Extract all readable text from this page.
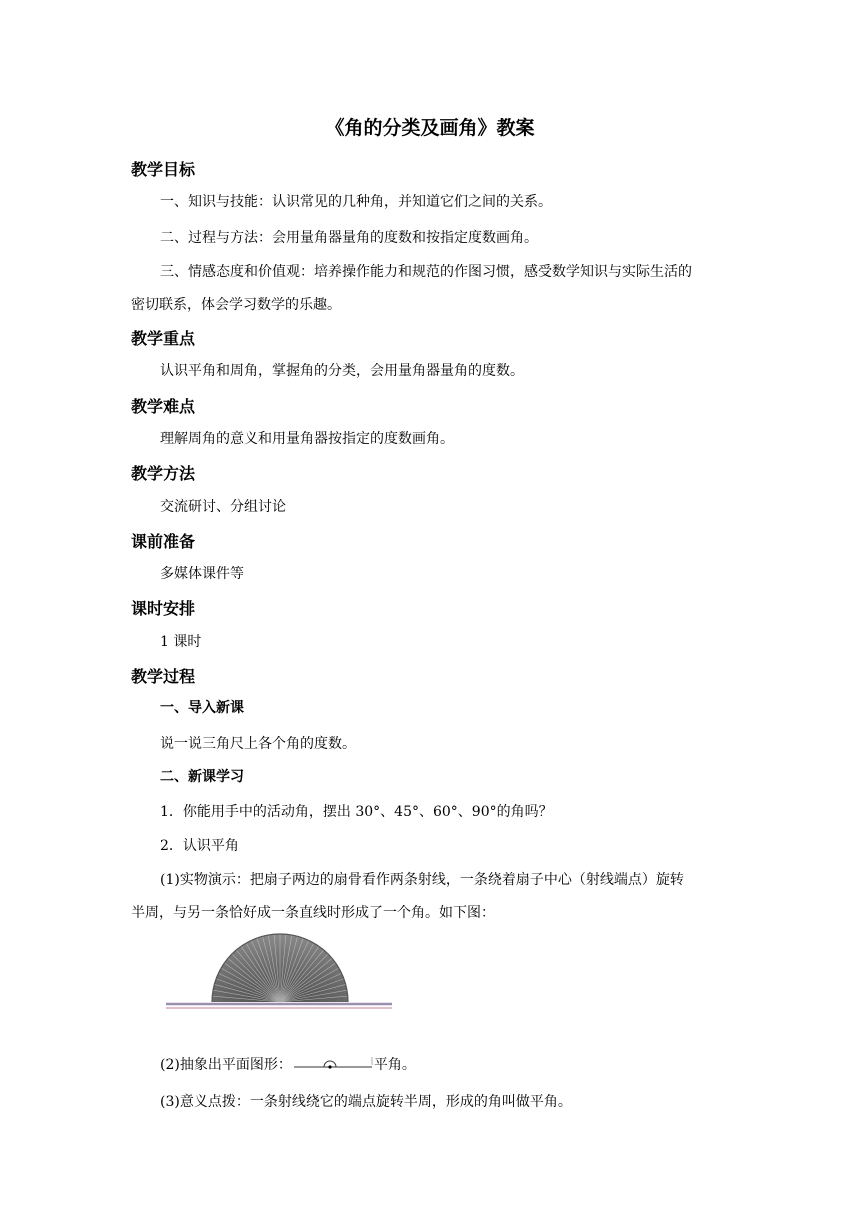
《角的分类及画角》教案
教学目标
一、知识与技能：认识常见的几种角，并知道它们之间的关系。
二、过程与方法：会用量角器量角的度数和按指定度数画角。
三、情感态度和价值观：培养操作能力和规范的作图习惯，感受数学知识与实际生活的
密切联系，体会学习数学的乐趣。
教学重点
认识平角和周角，掌握角的分类，会用量角器量角的度数。
教学难点
理解周角的意义和用量角器按指定的度数画角。
教学方法
交流研讨、分组讨论
课前准备
多媒体课件等
课时安排
1 课时
教学过程
一、导入新课
说一说三角尺上各个角的度数。
二、新课学习
1．你能用手中的活动角，摆出 30°、45°、60°、90°的角吗？
2．认识平角
(1)实物演示：把扇子两边的扇骨看作两条射线，一条绕着扇子中心（射线端点）旋转
半周，与另一条恰好成一条直线时形成了一个角。如下图：
(2)抽象出平面图形：	平角。
(3)意义点拨：一条射线绕它的端点旋转半周，形成的角叫做平角。
